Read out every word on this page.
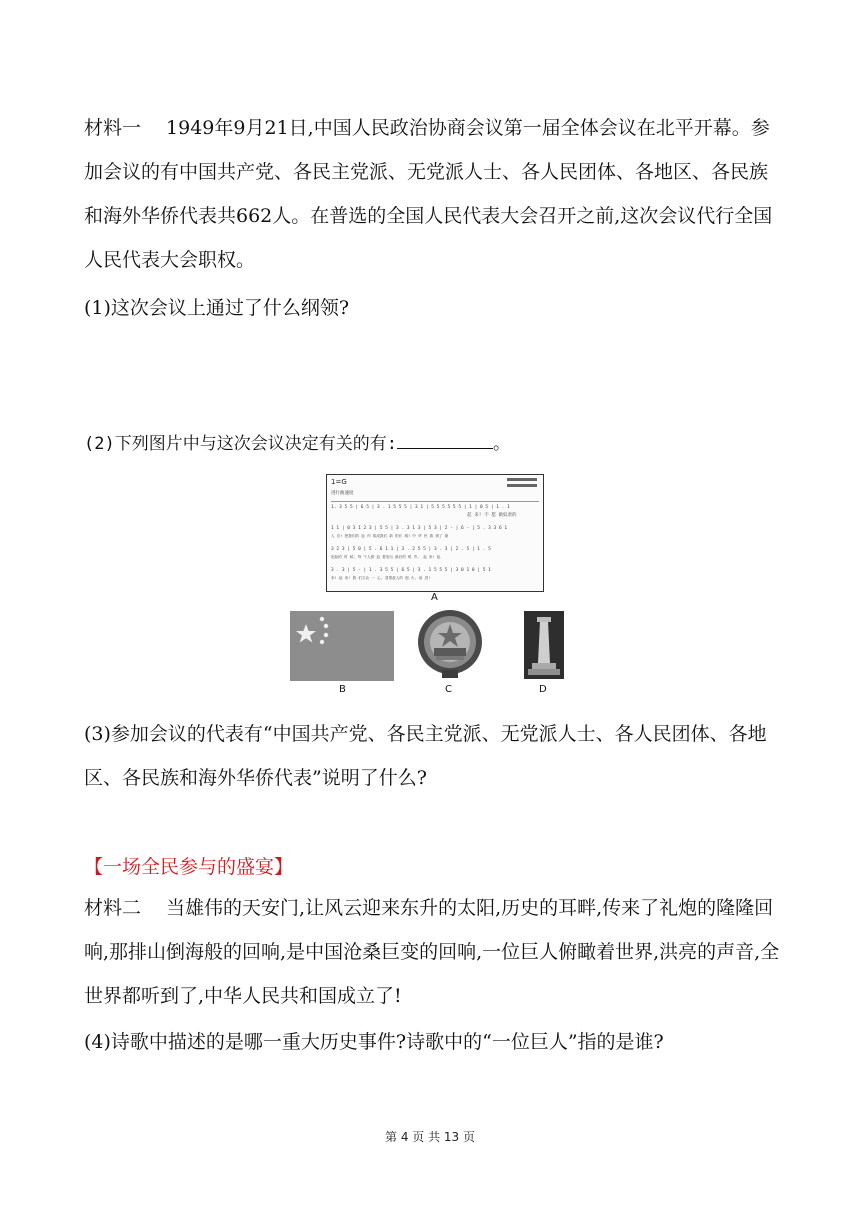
材料一　 1949年9月21日,中国人民政治协商会议第一届全体会议在北平开幕。参加会议的有中国共产党、各民主党派、无党派人士、各人民团体、各地区、各民族和海外华侨代表共662人。在普选的全国人民代表大会召开之前,这次会议代行全国人民代表大会职权。

(1)这次会议上通过了什么纲领?

(2)下列图片中与这次会议决定有关的有:	。

1=G
进行曲速度
1. 3 5 5 | 6 5 | 3 . 1 5 5 5 | 3 1 | 5 5 5 5 5 5 | 1 | 0 5 | 1 . 1
起 来! 不 愿 做奴隶的
1 1 | 0 3 1 2 3 | 5 5 | 3 . 3 1 3 | 5 3 | 2 - | 6 - | 5 . 3 3 6 1
人 们! 把我们的 血 肉 筑成我们 新 的长 城! 中 华 民 族 到了 最
3 2 3 | 5 0 | 5 . 6 1 1 | 3 . 2 5 5 | 3 . 3 | 2 . 5 | 1 . 5
危险的 时 候, 每 个人被 迫 着发出 最后的 吼 声。 起 来! 起
3 . 3 | 5 - | 1 . 3 5 5 | 6 5 | 3 . 1 5 5 5 | 3 0 1 0 | 5 1
来! 起 来! 我 们万众 一 心, 冒着敌人的 炮 火, 前 进!
A
B	C	D

(3)参加会议的代表有“中国共产党、各民主党派、无党派人士、各人民团体、各地区、各民族和海外华侨代表”说明了什么?

【一场全民参与的盛宴】

材料二　 当雄伟的天安门,让风云迎来东升的太阳,历史的耳畔,传来了礼炮的隆隆回响,那排山倒海般的回响,是中国沧桑巨变的回响,一位巨人俯瞰着世界,洪亮的声音,全世界都听到了,中华人民共和国成立了!

(4)诗歌中描述的是哪一重大历史事件?诗歌中的“一位巨人”指的是谁?

第 4 页 共 13 页
